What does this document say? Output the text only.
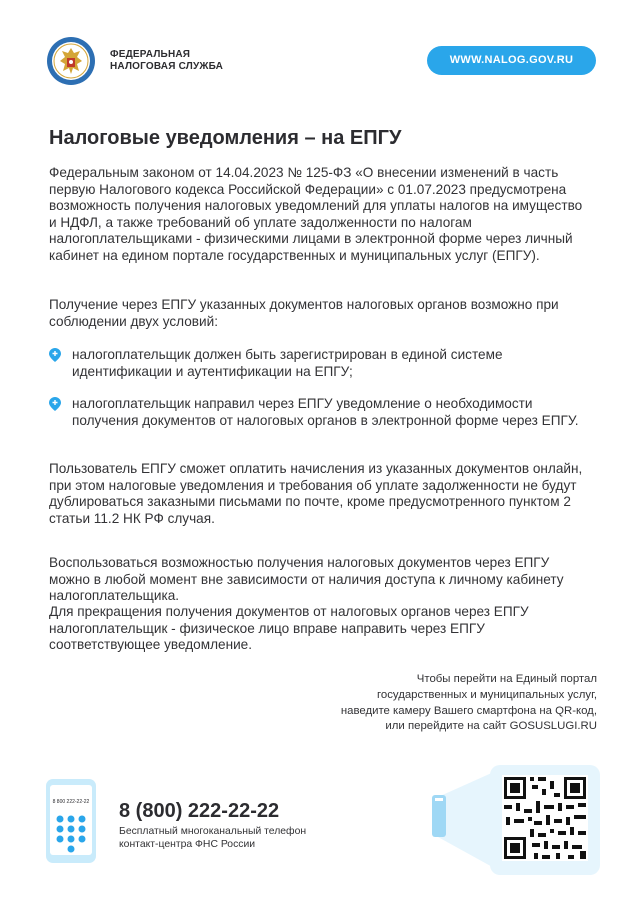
ФЕДЕРАЛЬНАЯ
НАЛОГОВАЯ СЛУЖБА
WWW.NALOG.GOV.RU
Налоговые уведомления – на ЕПГУ

Федеральным законом от 14.04.2023 № 125-ФЗ «О внесении изменений в часть первую Налогового кодекса Российской Федерации» с 01.07.2023 предусмотрена возможность получения налоговых уведомлений для уплаты налогов на имущество и НДФЛ, а также требований об уплате задолженности по налогам налогоплательщиками - физическими лицами в электронной форме через личный кабинет на едином портале государственных и муниципальных услуг (ЕПГУ).

Получение через ЕПГУ указанных документов налоговых органов возможно при соблюдении двух условий:

налогоплательщик должен быть зарегистрирован в единой системе идентификации и аутентификации на ЕПГУ;
налогоплательщик направил через ЕПГУ уведомление о необходимости получения документов от налоговых органов в электронной форме через ЕПГУ.

Пользователь ЕПГУ сможет оплатить начисления из указанных документов онлайн, при этом налоговые уведомления и требования об уплате задолженности не будут дублироваться заказными письмами по почте, кроме предусмотренного пунктом 2 статьи 11.2 НК РФ случая.

Воспользоваться возможностью получения налоговых документов через ЕПГУ можно в любой момент вне зависимости от наличия доступа к личному кабинету налогоплательщика.

Для прекращения получения документов от налоговых органов через ЕПГУ налогоплательщик - физическое лицо вправе направить через ЕПГУ соответствующее уведомление.

Чтобы перейти на Единый портал государственных и муниципальных услуг, наведите камеру Вашего смартфона на QR-код, или перейдите на сайт GOSUSLUGI.RU
8 800 222-22-22 8 (800) 222-22-22
Бесплатный многоканальный телефон
контакт-центра ФНС России
